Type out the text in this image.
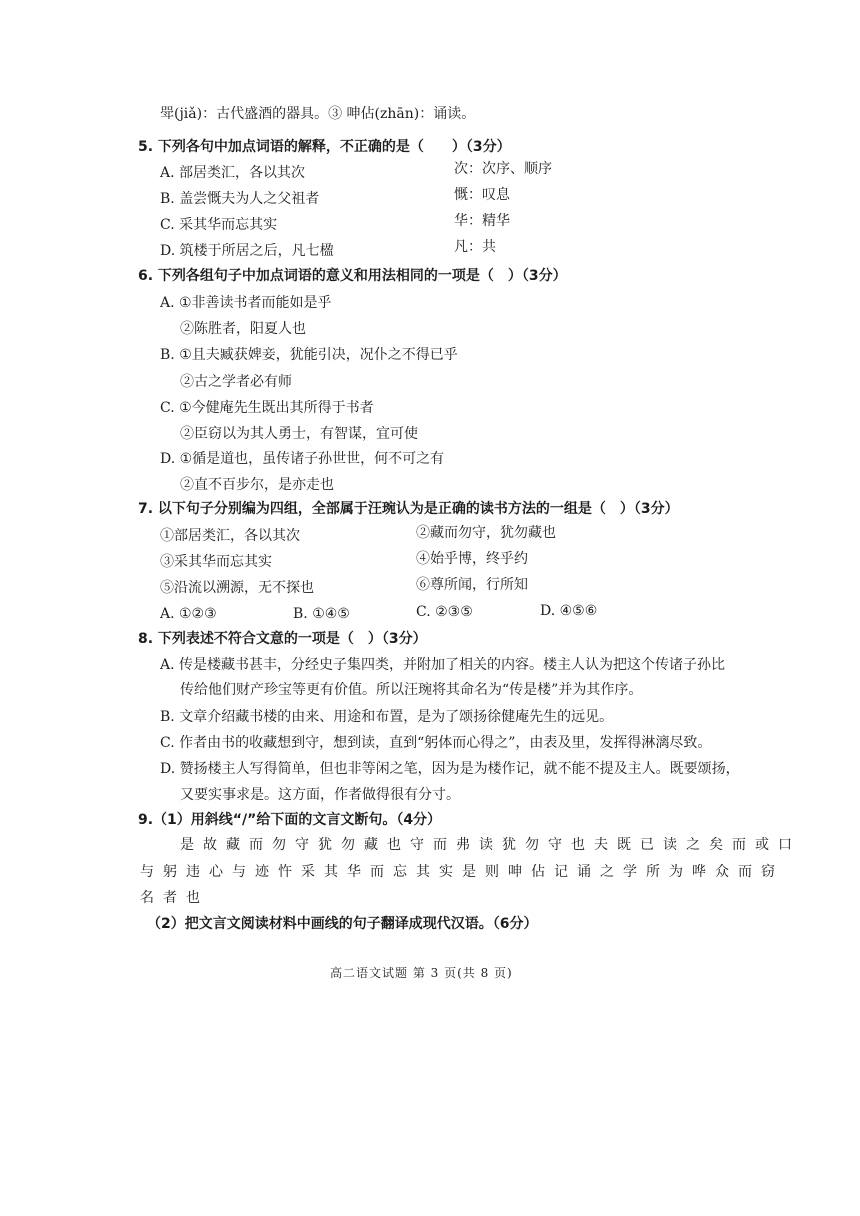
斝(jiǎ)：古代盛酒的器具。③ 呻佔(zhān)：诵读。
5. 下列各句中加点词语的解释，不正确的是（　　）（3分）
A. 部居类汇，各以其次	次：次序、顺序
B. 盖尝慨夫为人之父祖者	慨：叹息
C. 采其华而忘其实	华：精华
D. 筑楼于所居之后，凡七楹	凡：共
6. 下列各组句子中加点词语的意义和用法相同的一项是（　）（3分）
A. ①非善读书者而能如是乎
②陈胜者，阳夏人也
B. ①且夫臧获婢妾，犹能引决，况仆之不得已乎
②古之学者必有师
C. ①今健庵先生既出其所得于书者
②臣窃以为其人勇士，有智谋，宜可使
D. ①循是道也，虽传诸子孙世世，何不可之有
②直不百步尔，是亦走也
7. 以下句子分别编为四组，全部属于汪琬认为是正确的读书方法的一组是（　）（3分）
①部居类汇，各以其次	②藏而勿守，犹勿藏也
③采其华而忘其实	④始乎博，终乎约
⑤沿流以溯源，无不探也	⑥尊所闻，行所知
A. ①②③	B. ①④⑤	C. ②③⑤	D. ④⑤⑥
8. 下列表述不符合文意的一项是（　）（3分）
A. 传是楼藏书甚丰，分经史子集四类，并附加了相关的内容。楼主人认为把这个传诸子孙比
传给他们财产珍宝等更有价值。所以汪琬将其命名为“传是楼”并为其作序。
B. 文章介绍藏书楼的由来、用途和布置，是为了颂扬徐健庵先生的远见。
C. 作者由书的收藏想到守，想到读，直到“躬体而心得之”，由表及里，发挥得淋漓尽致。
D. 赞扬楼主人写得简单，但也非等闲之笔，因为是为楼作记，就不能不提及主人。既要颂扬，
又要实事求是。这方面，作者做得很有分寸。
9.（1）用斜线“/”给下面的文言文断句。（4分）
是故藏而勿守犹勿藏也守而弗读犹勿守也夫既已读之矣而或口
与躬违心与迹忤采其华而忘其实是则呻佔记诵之学所为哗众而窃
名者也
（2）把文言文阅读材料中画线的句子翻译成现代汉语。（6分）
高二语文试题 第 3 页(共 8 页)
